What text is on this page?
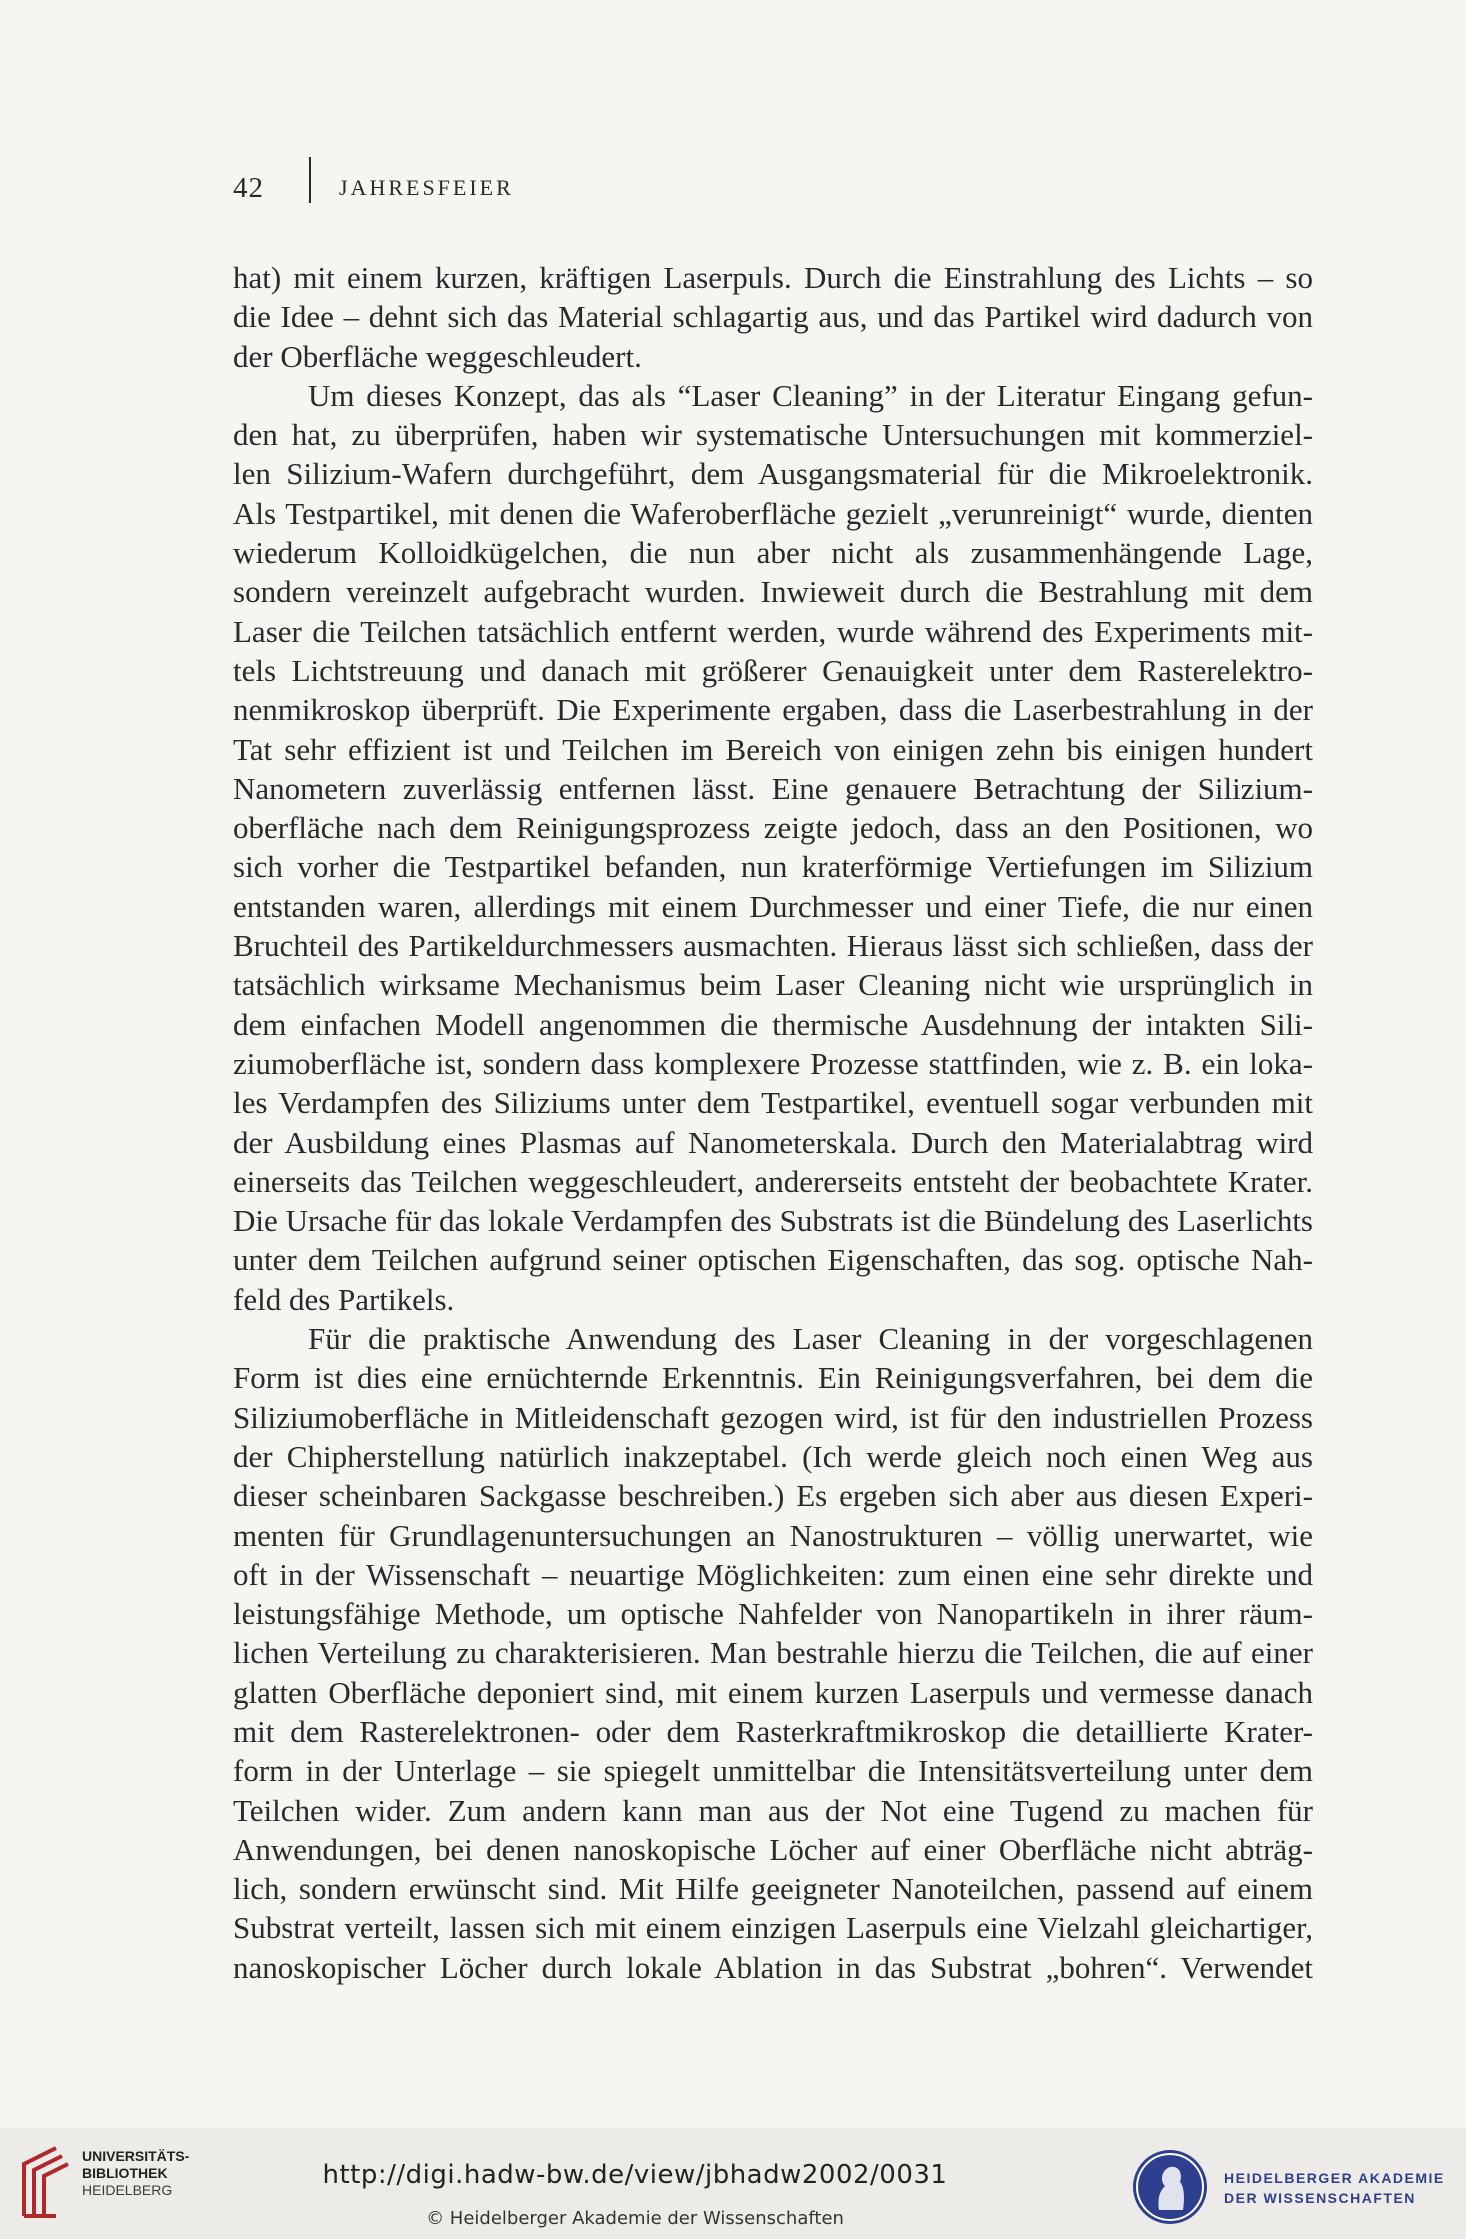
42	JAHRESFEIER
hat) mit einem kurzen, kräftigen Laserpuls. Durch die Einstrahlung des Lichts – so
die Idee – dehnt sich das Material schlagartig aus, und das Partikel wird dadurch von
der Oberfläche weggeschleudert.
Um dieses Konzept, das als “Laser Cleaning” in der Literatur Eingang gefun-
den hat, zu überprüfen, haben wir systematische Untersuchungen mit kommerziel-
len Silizium-Wafern durchgeführt, dem Ausgangsmaterial für die Mikroelektronik.
Als Testpartikel, mit denen die Waferoberfläche gezielt „verunreinigt“ wurde, dienten
wiederum Kolloidkügelchen, die nun aber nicht als zusammenhängende Lage,
sondern vereinzelt aufgebracht wurden. Inwieweit durch die Bestrahlung mit dem
Laser die Teilchen tatsächlich entfernt werden, wurde während des Experiments mit-
tels Lichtstreuung und danach mit größerer Genauigkeit unter dem Rasterelektro-
nenmikroskop überprüft. Die Experimente ergaben, dass die Laserbestrahlung in der
Tat sehr effizient ist und Teilchen im Bereich von einigen zehn bis einigen hundert
Nanometern zuverlässig entfernen lässt. Eine genauere Betrachtung der Silizium-
oberfläche nach dem Reinigungsprozess zeigte jedoch, dass an den Positionen, wo
sich vorher die Testpartikel befanden, nun kraterförmige Vertiefungen im Silizium
entstanden waren, allerdings mit einem Durchmesser und einer Tiefe, die nur einen
Bruchteil des Partikeldurchmessers ausmachten. Hieraus lässt sich schließen, dass der
tatsächlich wirksame Mechanismus beim Laser Cleaning nicht wie ursprünglich in
dem einfachen Modell angenommen die thermische Ausdehnung der intakten Sili-
ziumoberfläche ist, sondern dass komplexere Prozesse stattfinden, wie z. B. ein loka-
les Verdampfen des Siliziums unter dem Testpartikel, eventuell sogar verbunden mit
der Ausbildung eines Plasmas auf Nanometerskala. Durch den Materialabtrag wird
einerseits das Teilchen weggeschleudert, andererseits entsteht der beobachtete Krater.
Die Ursache für das lokale Verdampfen des Substrats ist die Bündelung des Laserlichts
unter dem Teilchen aufgrund seiner optischen Eigenschaften, das sog. optische Nah-
feld des Partikels.
Für die praktische Anwendung des Laser Cleaning in der vorgeschlagenen
Form ist dies eine ernüchternde Erkenntnis. Ein Reinigungsverfahren, bei dem die
Siliziumoberfläche in Mitleidenschaft gezogen wird, ist für den industriellen Prozess
der Chipherstellung natürlich inakzeptabel. (Ich werde gleich noch einen Weg aus
dieser scheinbaren Sackgasse beschreiben.) Es ergeben sich aber aus diesen Experi-
menten für Grundlagenuntersuchungen an Nanostrukturen – völlig unerwartet, wie
oft in der Wissenschaft – neuartige Möglichkeiten: zum einen eine sehr direkte und
leistungsfähige Methode, um optische Nahfelder von Nanopartikeln in ihrer räum-
lichen Verteilung zu charakterisieren. Man bestrahle hierzu die Teilchen, die auf einer
glatten Oberfläche deponiert sind, mit einem kurzen Laserpuls und vermesse danach
mit dem Rasterelektronen- oder dem Rasterkraftmikroskop die detaillierte Krater-
form in der Unterlage – sie spiegelt unmittelbar die Intensitätsverteilung unter dem
Teilchen wider. Zum andern kann man aus der Not eine Tugend zu machen für
Anwendungen, bei denen nanoskopische Löcher auf einer Oberfläche nicht abträg-
lich, sondern erwünscht sind. Mit Hilfe geeigneter Nanoteilchen, passend auf einem
Substrat verteilt, lassen sich mit einem einzigen Laserpuls eine Vielzahl gleichartiger,
nanoskopischer Löcher durch lokale Ablation in das Substrat „bohren“. Verwendet
UNIVERSITÄTS-
BIBLIOTHEK
HEIDELBERG	http://digi.hadw-bw.de/view/jbhadw2002/0031
© Heidelberger Akademie der Wissenschaften
HEIDELBERGER AKADEMIE
DER WISSENSCHAFTEN
